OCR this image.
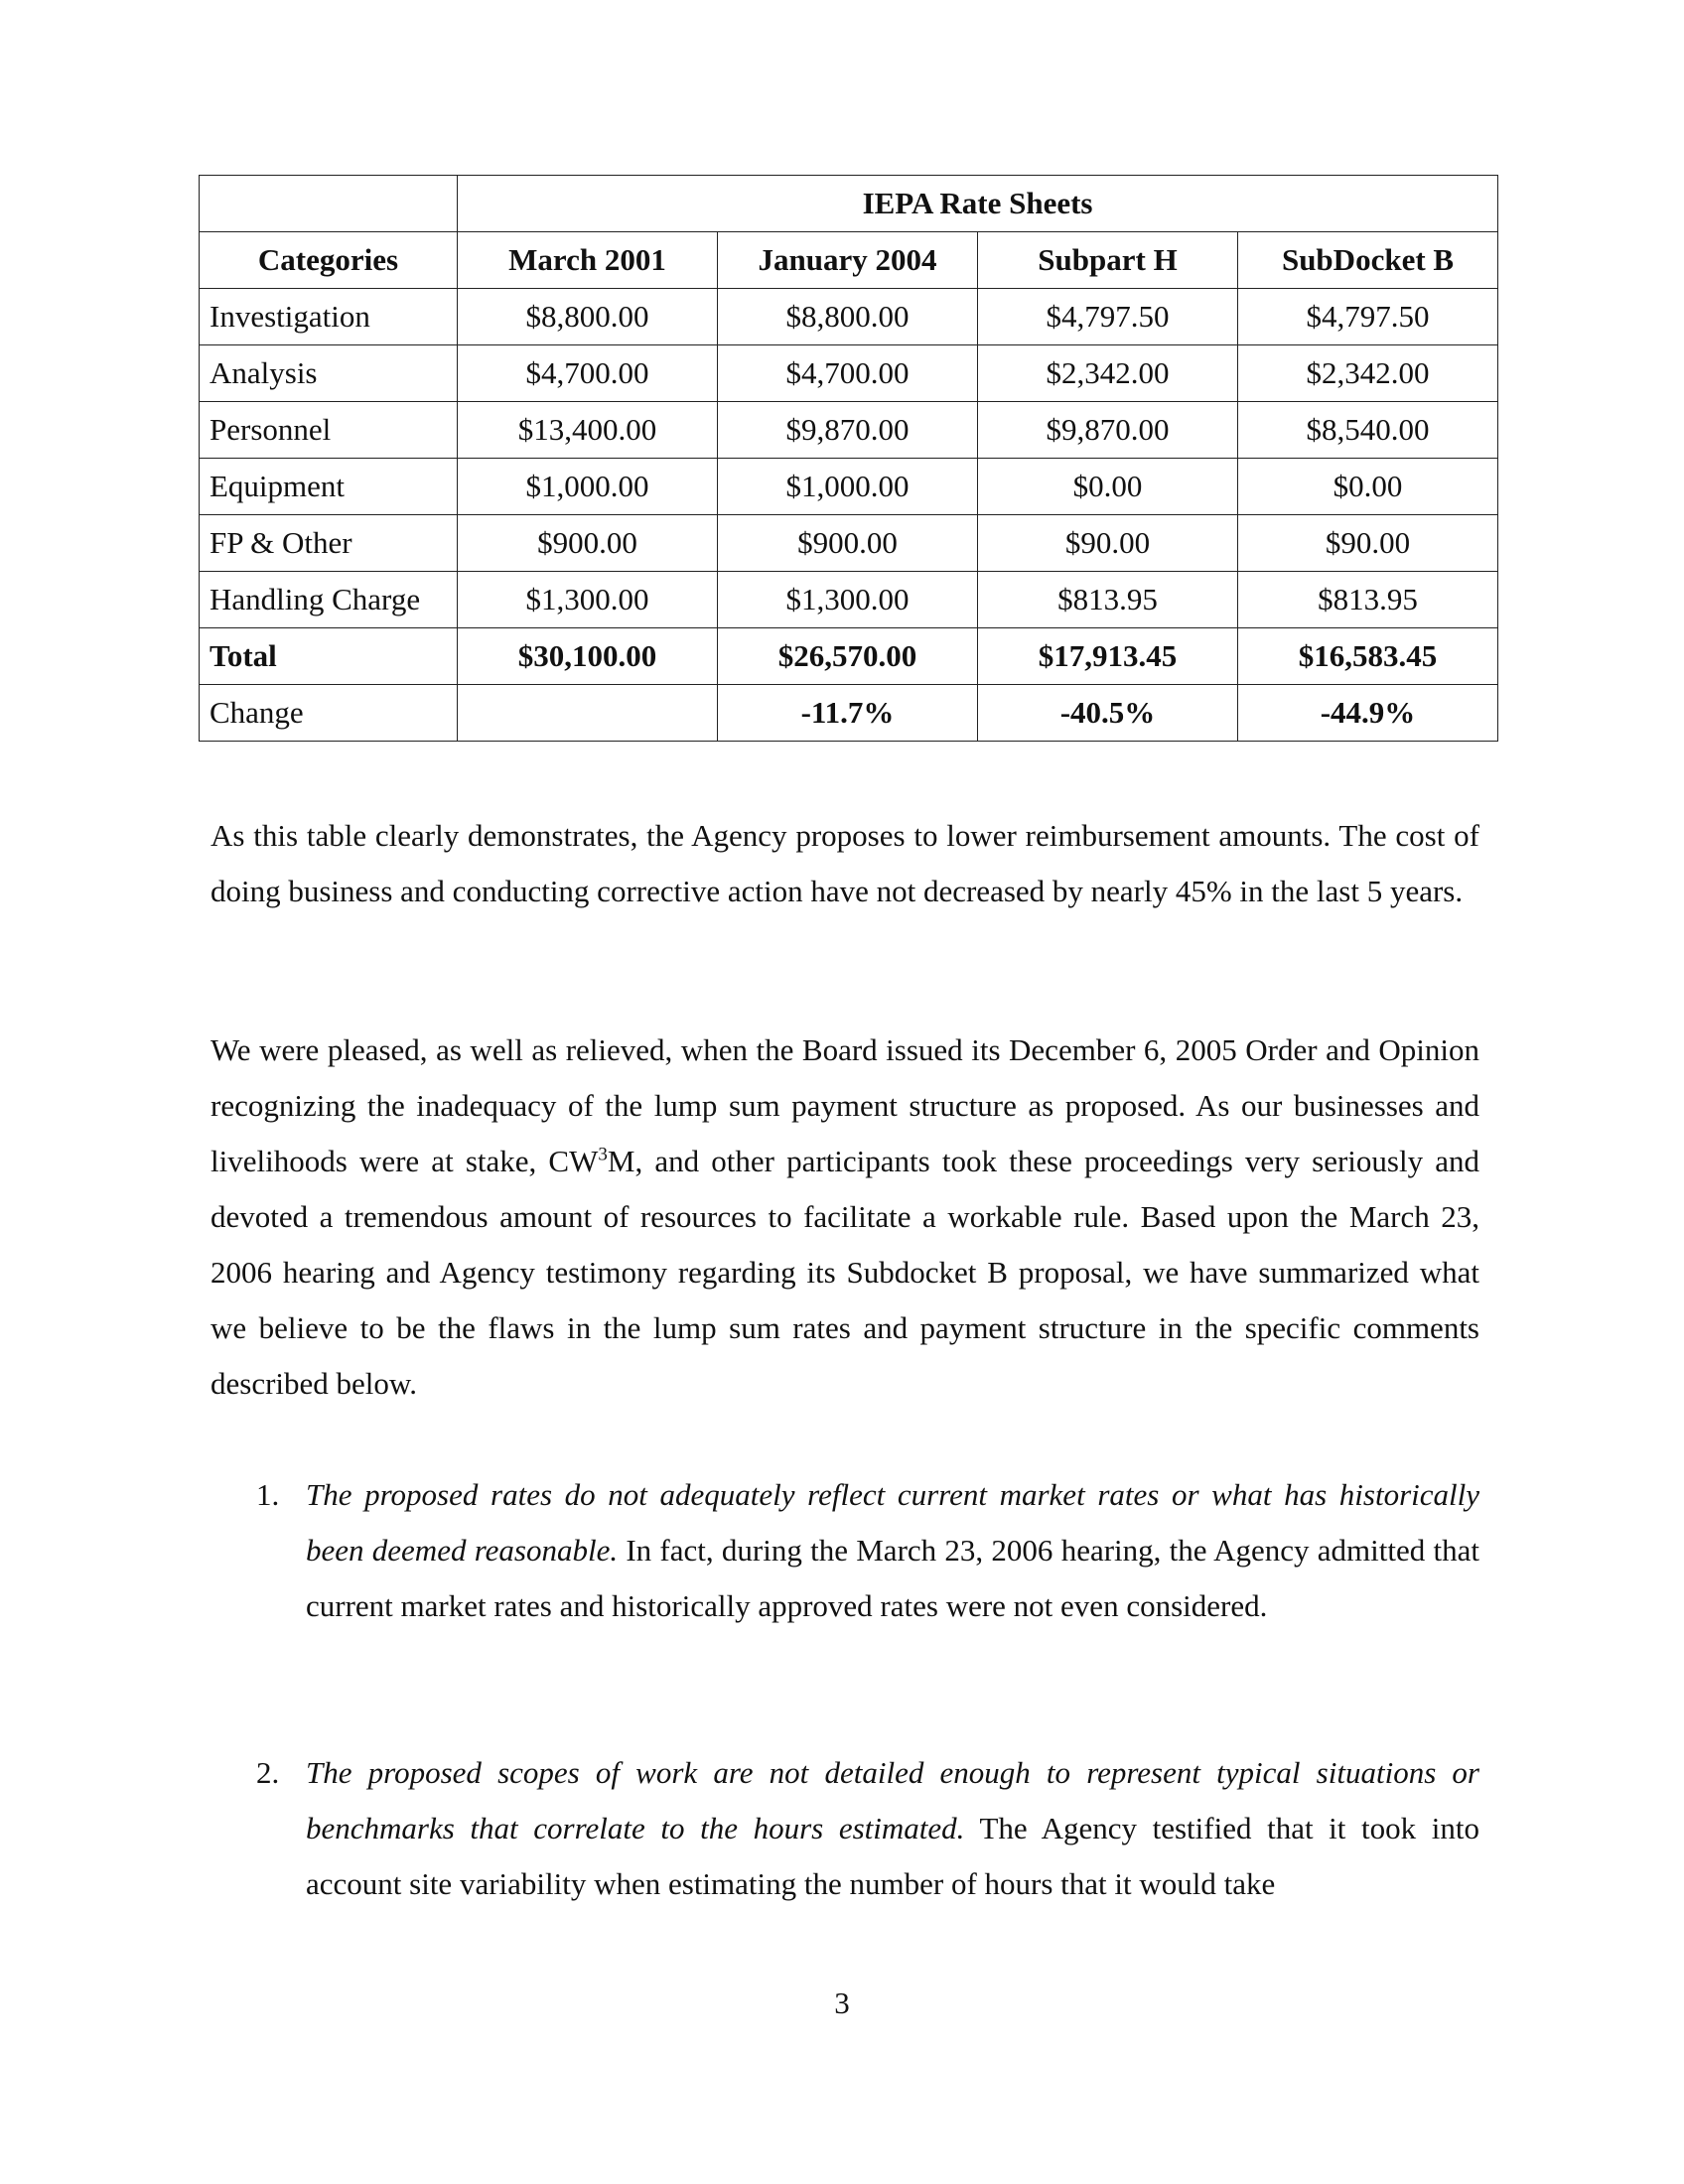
	IEPA Rate Sheets			
Categories	March 2001	January 2004	Subpart H	SubDocket B
Investigation	$8,800.00	$8,800.00	$4,797.50	$4,797.50
Analysis	$4,700.00	$4,700.00	$2,342.00	$2,342.00
Personnel	$13,400.00	$9,870.00	$9,870.00	$8,540.00
Equipment	$1,000.00	$1,000.00	$0.00	$0.00
FP & Other	$900.00	$900.00	$90.00	$90.00
Handling Charge	$1,300.00	$1,300.00	$813.95	$813.95
Total	$30,100.00	$26,570.00	$17,913.45	$16,583.45
Change		-11.7%	-40.5%	-44.9%

As this table clearly demonstrates, the Agency proposes to lower reimbursement amounts. The cost of doing business and conducting corrective action have not decreased by nearly 45% in the last 5 years.

We were pleased, as well as relieved, when the Board issued its December 6, 2005 Order and Opinion recognizing the inadequacy of the lump sum payment structure as proposed. As our businesses and livelihoods were at stake, $CW^3M$, and other participants took these proceedings very seriously and devoted a tremendous amount of resources to facilitate a workable rule. Based upon the March 23, 2006 hearing and Agency testimony regarding its Subdocket B proposal, we have summarized what we believe to be the flaws in the lump sum rates and payment structure in the specific comments described below.

1. The proposed rates do not adequately reflect current market rates or what has historically been deemed reasonable. In fact, during the March 23, 2006 hearing, the Agency admitted that current market rates and historically approved rates were not even considered.
2. The proposed scopes of work are not detailed enough to represent typical situations or benchmarks that correlate to the hours estimated. The Agency testified that it took into account site variability when estimating the number of hours that it would take
3
